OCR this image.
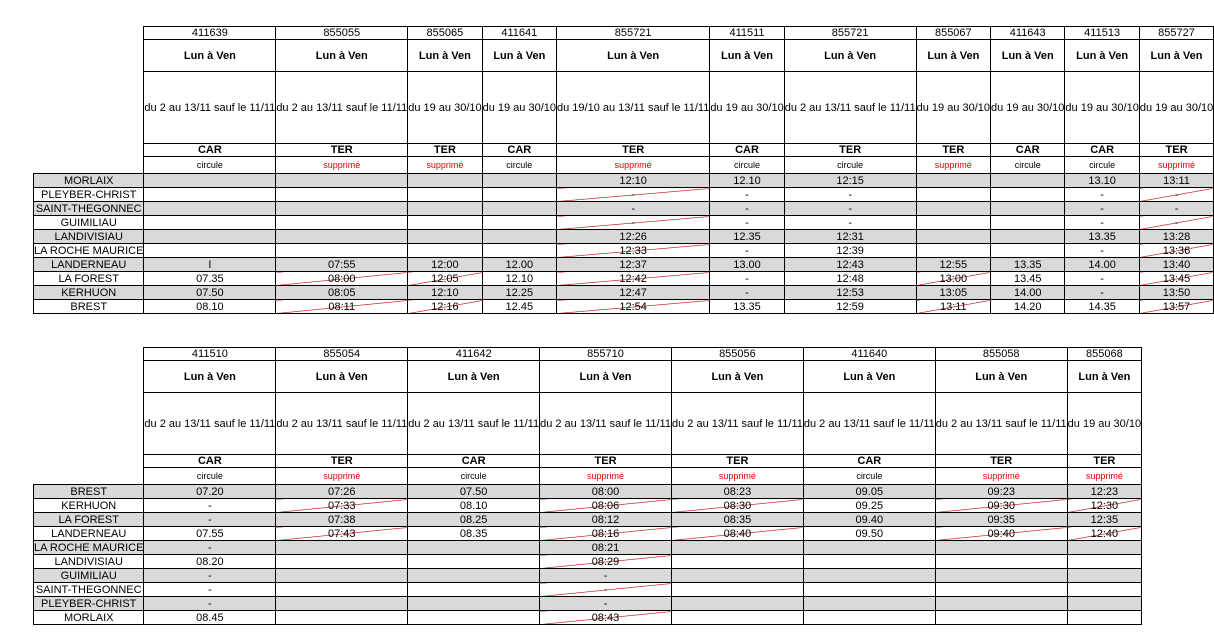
	411639	855055	855065	411641	855721	411511	855721	855067	411643	411513	855727
	Lun à Ven	Lun à Ven	Lun à Ven	Lun à Ven	Lun à Ven	Lun à Ven	Lun à Ven	Lun à Ven	Lun à Ven	Lun à Ven	Lun à Ven
	du 2 au 13/11 sauf le 11/11	du 2 au 13/11 sauf le 11/11	du 19 au 30/10	du 19 au 30/10	du 19/10 au 13/11 sauf le 11/11	du 19 au 30/10	du 2 au 13/11 sauf le 11/11	du 19 au 30/10	du 19 au 30/10	du 19 au 30/10	du 19 au 30/10
	CAR	TER	TER	CAR	TER	CAR	TER	TER	CAR	CAR	TER
	circule	supprimé	supprimé	circule	supprimé	circule	circule	supprimé	circule	circule	supprimé
MORLAIX					12:10	12.10	12:15			13.10	13:11
PLEYBER-CHRIST					-	-	-			-	-
SAINT-THEGONNEC					-	-	-			-	-
GUIMILIAU					-	-	-			-	-
LANDIVISIAU					12:26	12.35	12:31			13.35	13:28
LA ROCHE MAURICE					12:33	-	12:39			-	13:36
LANDERNEAU	I	07:55	12:00	12.00	12:37	13.00	12:43	12:55	13.35	14.00	13:40
LA FOREST	07.35	08:00	12:05	12.10	12:42	-	12:48	13:00	13.45	-	13:45
KERHUON	07.50	08:05	12:10	12.25	12:47	-	12:53	13:05	14.00	-	13:50
BREST	08.10	08:11	12:16	12.45	12:54	13.35	12:59	13:11	14.20	14.35	13:57
	411510	855054	411642	855710	855056	411640	855058	855068
	Lun à Ven	Lun à Ven	Lun à Ven	Lun à Ven	Lun à Ven	Lun à Ven	Lun à Ven	Lun à Ven
	du 2 au 13/11 sauf le 11/11	du 2 au 13/11 sauf le 11/11	du 2 au 13/11 sauf le 11/11	du 2 au 13/11 sauf le 11/11	du 2 au 13/11 sauf le 11/11	du 2 au 13/11 sauf le 11/11	du 2 au 13/11 sauf le 11/11	du 19 au 30/10
	CAR	TER	CAR	TER	TER	CAR	TER	TER
	circule	supprimé	circule	supprimé	supprimé	circule	supprimé	supprimé
BREST	07.20	07:26	07.50	08:00	08:23	09.05	09:23	12:23
KERHUON	-	07:33	08.10	08:06	08:30	09.25	09:30	12:30
LA FOREST	-	07:38	08.25	08:12	08:35	09.40	09:35	12:35
LANDERNEAU	07.55	07:43	08.35	08:16	08:40	09.50	09:40	12:40
LA ROCHE MAURICE	-			08:21				
LANDIVISIAU	08.20			08:29				
GUIMILIAU	-			-				
SAINT-THEGONNEC	-			-				
PLEYBER-CHRIST	-			-				
MORLAIX	08.45			08:43				
